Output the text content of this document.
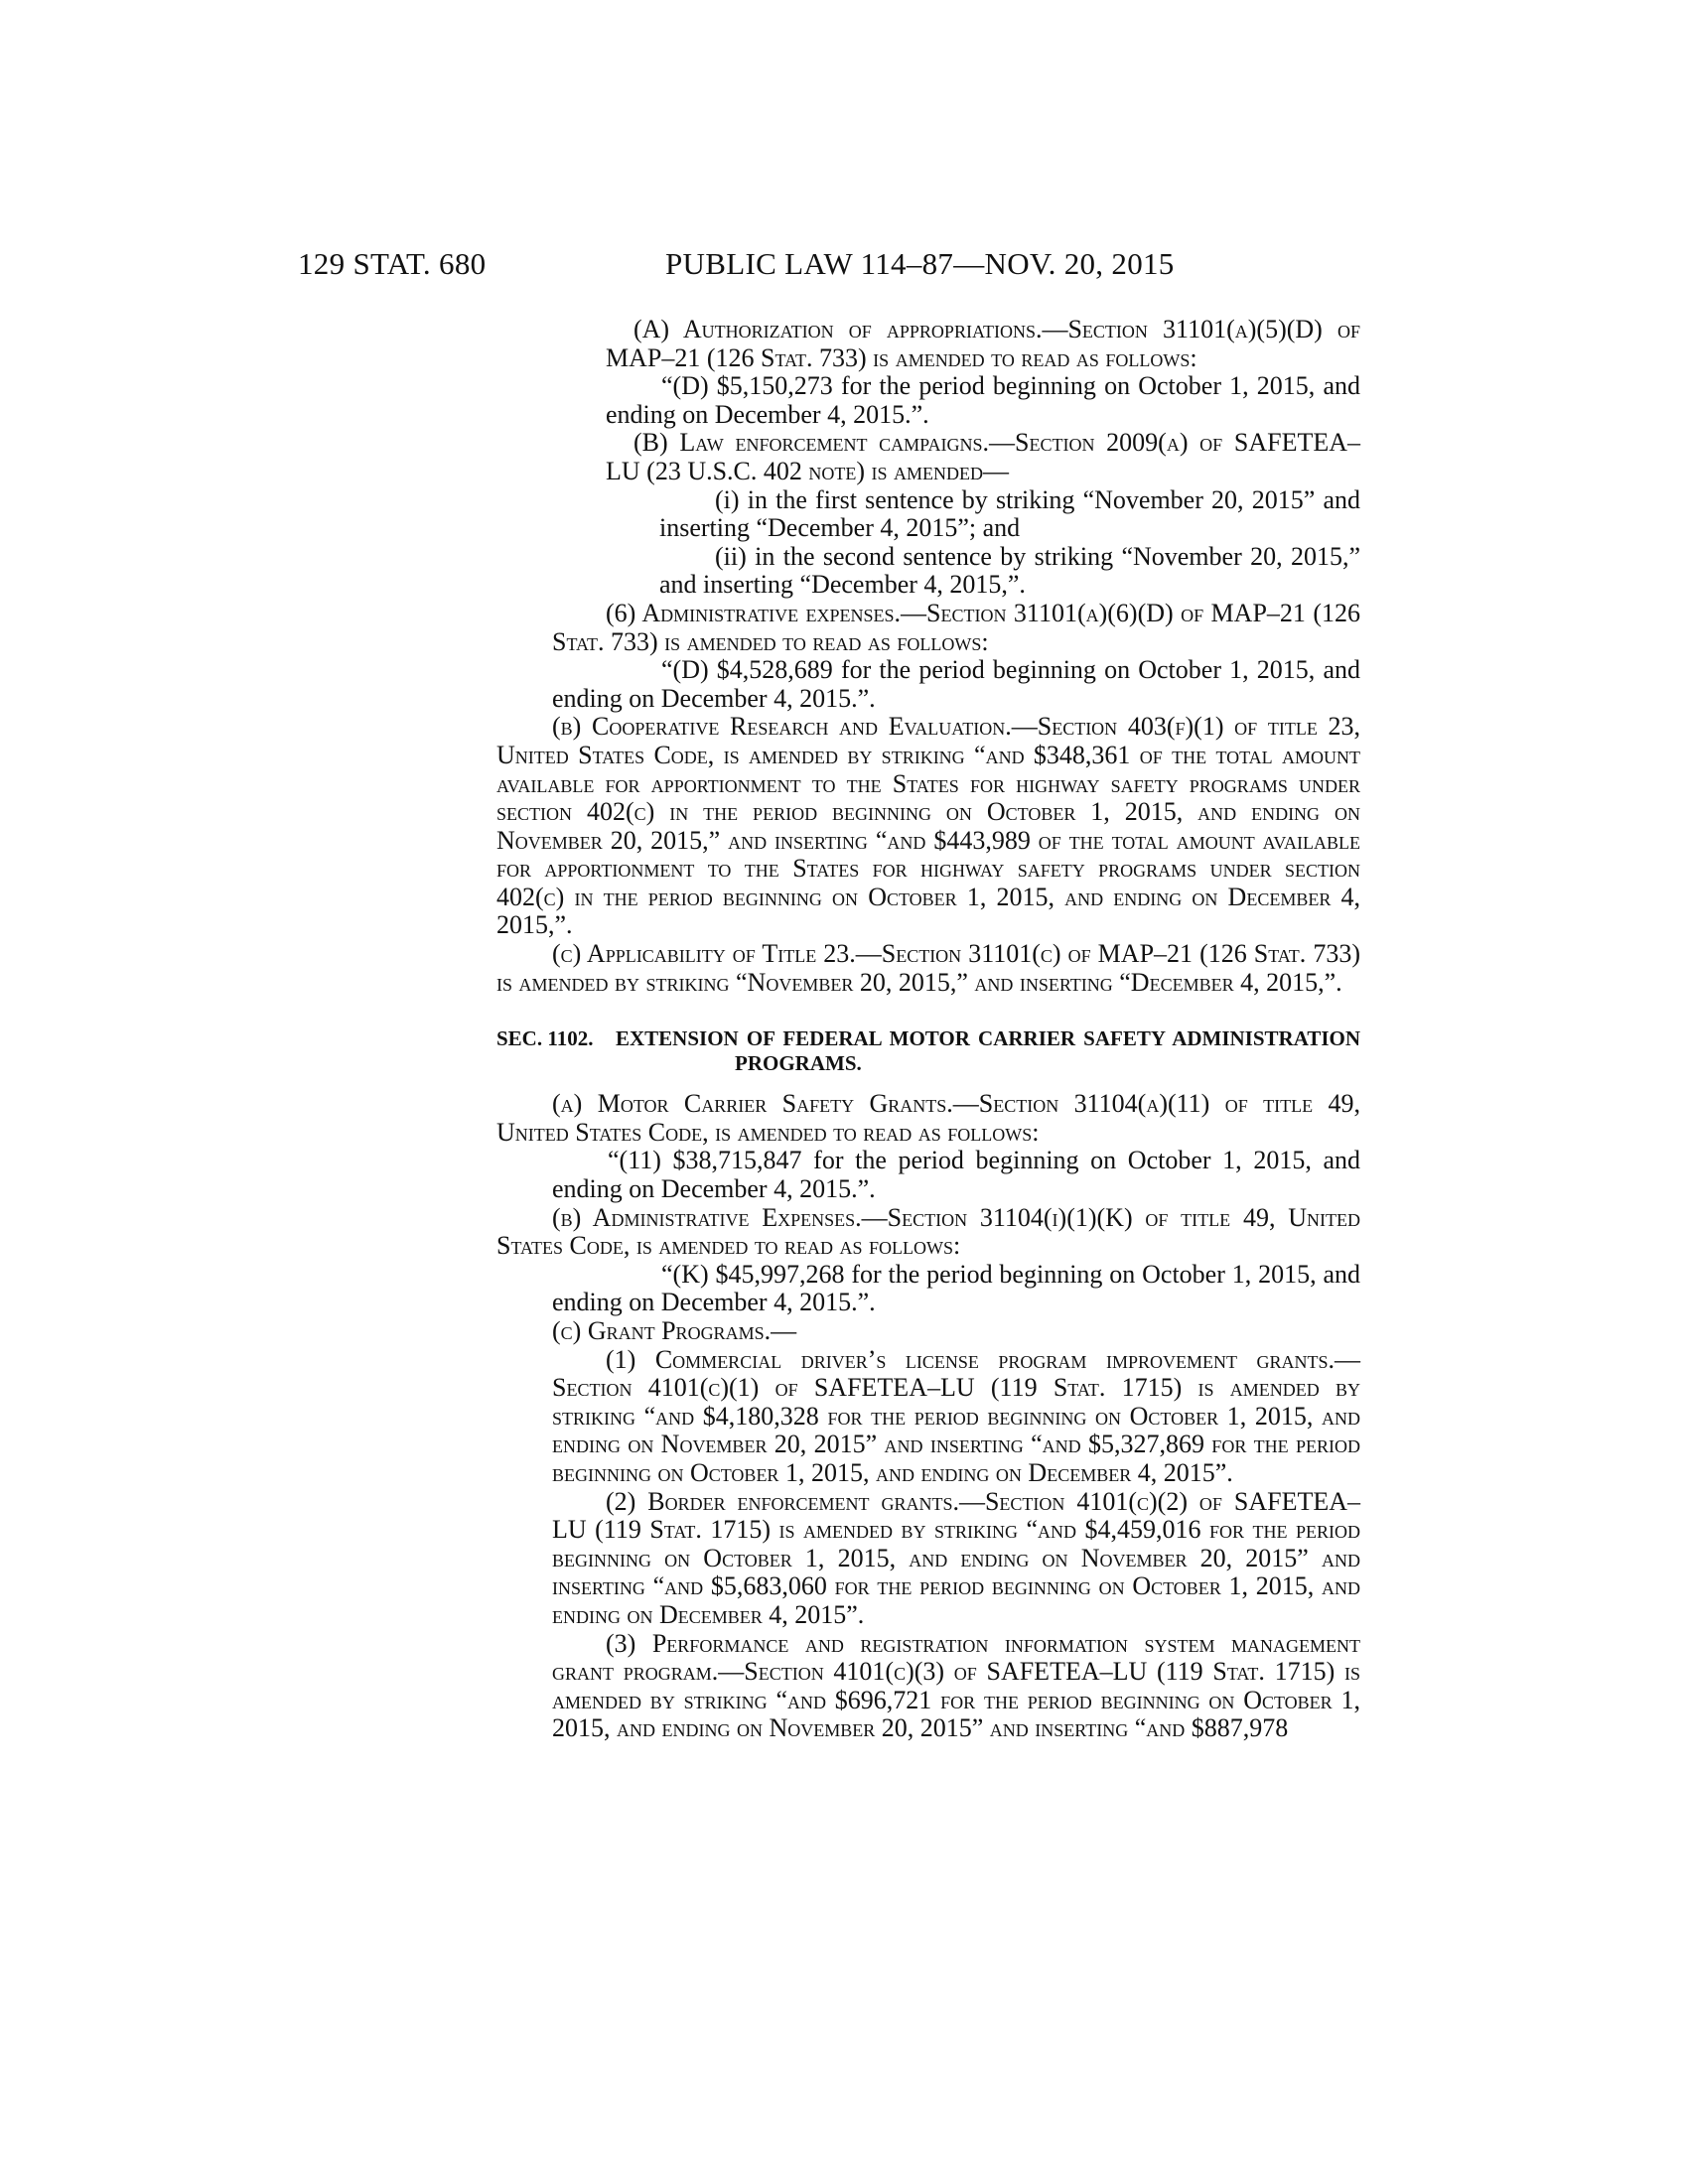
129 STAT. 680	PUBLIC LAW 114–87—NOV. 20, 2015

(A) Authorization of appropriations.—Section 31101(a)(5)(D) of MAP–21 (126 Stat. 733) is amended to read as follows:

“(D) $5,150,273 for the period beginning on October 1, 2015, and ending on December 4, 2015.”.

(B) Law enforcement campaigns.—Section 2009(a) of SAFETEA–LU (23 U.S.C. 402 note) is amended—

(i) in the first sentence by striking “November 20, 2015” and inserting “December 4, 2015”; and

(ii) in the second sentence by striking “November 20, 2015,” and inserting “December 4, 2015,”.

(6) Administrative expenses.—Section 31101(a)(6)(D) of MAP–21 (126 Stat. 733) is amended to read as follows:

“(D) $4,528,689 for the period beginning on October 1, 2015, and ending on December 4, 2015.”.

(b) Cooperative Research and Evaluation.—Section 403(f)(1) of title 23, United States Code, is amended by striking “and $348,361 of the total amount available for apportionment to the States for highway safety programs under section 402(c) in the period beginning on October 1, 2015, and ending on November 20, 2015,” and inserting “and $443,989 of the total amount available for apportionment to the States for highway safety programs under section 402(c) in the period beginning on October 1, 2015, and ending on December 4, 2015,”.

(c) Applicability of Title 23.—Section 31101(c) of MAP–21 (126 Stat. 733) is amended by striking “November 20, 2015,” and inserting “December 4, 2015,”.

SEC. 1102. EXTENSION OF FEDERAL MOTOR CARRIER SAFETY ADMINISTRATION PROGRAMS.

(a) Motor Carrier Safety Grants.—Section 31104(a)(11) of title 49, United States Code, is amended to read as follows:

“(11) $38,715,847 for the period beginning on October 1, 2015, and ending on December 4, 2015.”.

(b) Administrative Expenses.—Section 31104(i)(1)(K) of title 49, United States Code, is amended to read as follows:

“(K) $45,997,268 for the period beginning on October 1, 2015, and ending on December 4, 2015.”.

(c) Grant Programs.—

(1) Commercial driver’s license program improvement grants.—Section 4101(c)(1) of SAFETEA–LU (119 Stat. 1715) is amended by striking “and $4,180,328 for the period beginning on October 1, 2015, and ending on November 20, 2015” and inserting “and $5,327,869 for the period beginning on October 1, 2015, and ending on December 4, 2015”.

(2) Border enforcement grants.—Section 4101(c)(2) of SAFETEA–LU (119 Stat. 1715) is amended by striking “and $4,459,016 for the period beginning on October 1, 2015, and ending on November 20, 2015” and inserting “and $5,683,060 for the period beginning on October 1, 2015, and ending on December 4, 2015”.

(3) Performance and registration information system management grant program.—Section 4101(c)(3) of SAFETEA–LU (119 Stat. 1715) is amended by striking “and $696,721 for the period beginning on October 1, 2015, and ending on November 20, 2015” and inserting “and $887,978
